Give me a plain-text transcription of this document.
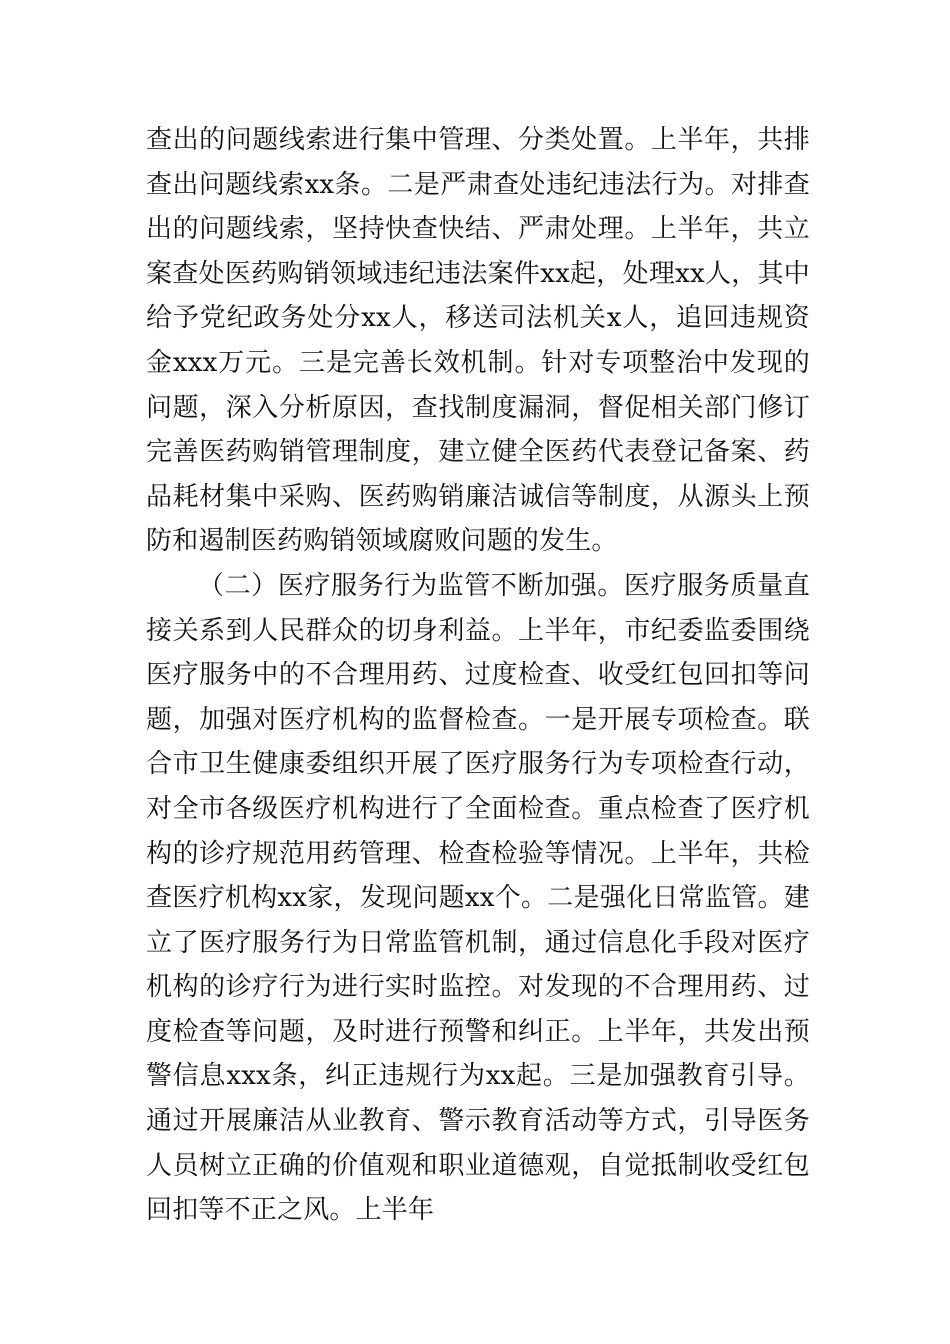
查出的问题线索进行集中管理、分类处置。上半年，共排查出问题线索xx条。二是严肃查处违纪违法行为。对排查出的问题线索，坚持快查快结、严肃处理。上半年，共立案查处医药购销领域违纪违法案件xx起，处理xx人，其中给予党纪政务处分xx人，移送司法机关x人，追回违规资金xxx万元。三是完善长效机制。针对专项整治中发现的问题，深入分析原因，查找制度漏洞，督促相关部门修订完善医药购销管理制度，建立健全医药代表登记备案、药品耗材集中采购、医药购销廉洁诚信等制度，从源头上预防和遏制医药购销领域腐败问题的发生。

（二）医疗服务行为监管不断加强。医疗服务质量直接关系到人民群众的切身利益。上半年，市纪委监委围绕医疗服务中的不合理用药、过度检查、收受红包回扣等问题，加强对医疗机构的监督检查。一是开展专项检查。联合市卫生健康委组织开展了医疗服务行为专项检查行动，对全市各级医疗机构进行了全面检查。重点检查了医疗机构的诊疗规范用药管理、检查检验等情况。上半年，共检查医疗机构xx家，发现问题xx个。二是强化日常监管。建立了医疗服务行为日常监管机制，通过信息化手段对医疗机构的诊疗行为进行实时监控。对发现的不合理用药、过度检查等问题，及时进行预警和纠正。上半年，共发出预警信息xxx条，纠正违规行为xx起。三是加强教育引导。通过开展廉洁从业教育、警示教育活动等方式，引导医务人员树立正确的价值观和职业道德观，自觉抵制收受红包回扣等不正之风。上半年
